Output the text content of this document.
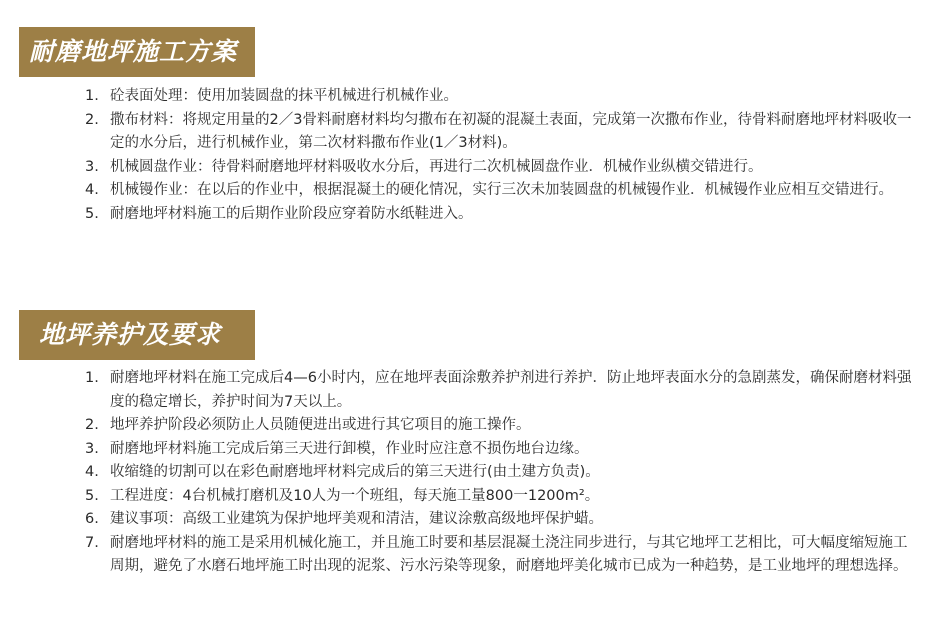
耐磨地坪施工方案
1. 砼表面处理：使用加装圆盘的抹平机械进行机械作业。
2. 撒布材料：将规定用量的2／3骨料耐磨材料均匀撒布在初凝的混凝土表面，完成第一次撒布作业，待骨料耐磨地坪材料吸收一定的水分后，进行机械作业，第二次材料撒布作业(1／3材料)。
3. 机械圆盘作业：待骨料耐磨地坪材料吸收水分后，再进行二次机械圆盘作业．机械作业纵横交错进行。
4. 机械镘作业：在以后的作业中，根据混凝土的硬化情况，实行三次未加装圆盘的机械镘作业．机械镘作业应相互交错进行。
5. 耐磨地坪材料施工的后期作业阶段应穿着防水纸鞋进入。
地坪养护及要求
1. 耐磨地坪材料在施工完成后4—6小时内，应在地坪表面涂敷养护剂进行养护．防止地坪表面水分的急剧蒸发，确保耐磨材料强度的稳定增长，养护时间为7天以上。
2. 地坪养护阶段必须防止人员随便进出或进行其它项目的施工操作。
3. 耐磨地坪材料施工完成后第三天进行卸模，作业时应注意不损伤地台边缘。
4. 收缩缝的切割可以在彩色耐磨地坪材料完成后的第三天进行(由土建方负责)。
5. 工程进度：4台机械打磨机及10人为一个班组，每天施工量800一1200m²。
6. 建议事项：高级工业建筑为保护地坪美观和清洁，建议涂敷高级地坪保护蜡。
7. 耐磨地坪材料的施工是采用机械化施工，并且施工时要和基层混凝土浇注同步进行，与其它地坪工艺相比，可大幅度缩短施工周期，避免了水磨石地坪施工时出现的泥浆、污水污染等现象，耐磨地坪美化城市已成为一种趋势，是工业地坪的理想选择。
